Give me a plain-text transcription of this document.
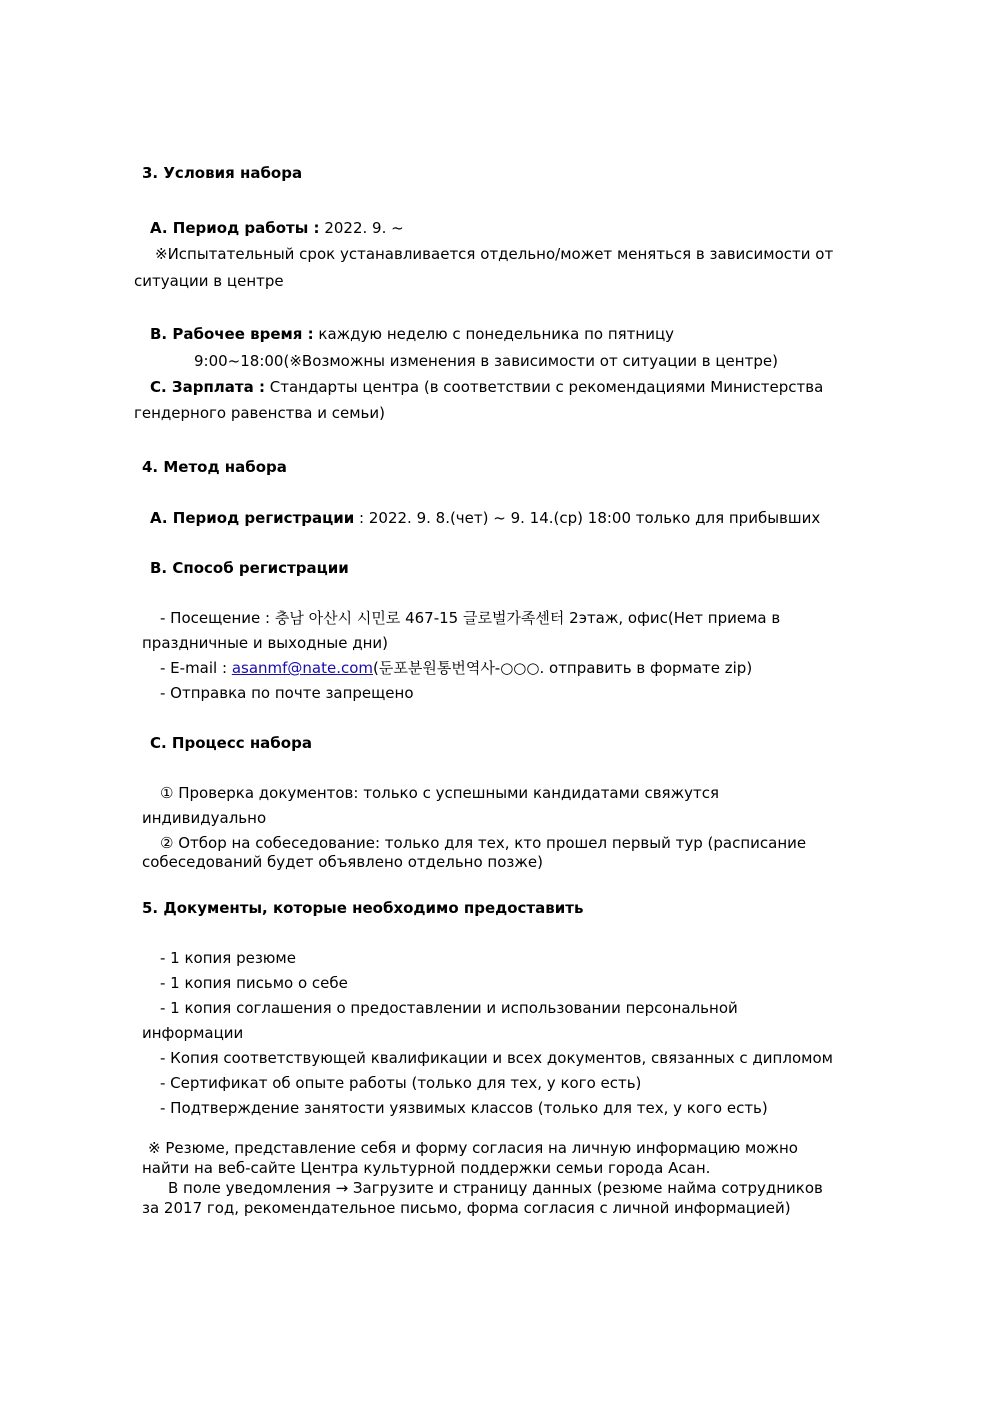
3. Условия набора
A. Период работы : 2022. 9. ~
※Испытательный срок устанавливается отдельно/может меняться в зависимости от
ситуации в центре
B. Рабочее время : каждую неделю с понедельника по пятницу
9:00~18:00(※Возможны изменения в зависимости от ситуации в центре)
C. Зарплата : Стандарты центра (в соответствии с рекомендациями Министерства
гендерного равенства и семьи)
4. Метод набора
A. Период регистрации : 2022. 9. 8.(чет) ~ 9. 14.(ср) 18:00 только для прибывших
B. Способ регистрации
- Посещение : 충남 아산시 시민로 467-15 글로벌가족센터 2этаж, офис(Нет приема в
праздничные и выходные дни)
- E-mail : asanmf@nate.com(둔포분원통번역사-○○○. отправить в формате zip)
- Отправка по почте запрещено
C. Процесс набора
① Проверка документов: только с успешными кандидатами свяжутся
индивидуально
② Отбор на собеседование: только для тех, кто прошел первый тур (расписание
собеседований будет объявлено отдельно позже)
5. Документы, которые необходимо предоставить
- 1 копия резюме
- 1 копия письмо о себе
- 1 копия соглашения о предоставлении и использовании персональной
информации
- Копия соответствующей квалификации и всех документов, связанных с дипломом
- Сертификат об опыте работы (только для тех, у кого есть)
- Подтверждение занятости уязвимых классов (только для тех, у кого есть)
※ Резюме, представление себя и форму согласия на личную информацию можно
найти на веб-сайте Центра культурной поддержки семьи города Асан.
В поле уведомления → Загрузите и страницу данных (резюме найма сотрудников
за 2017 год, рекомендательное письмо, форма согласия с личной информацией)
